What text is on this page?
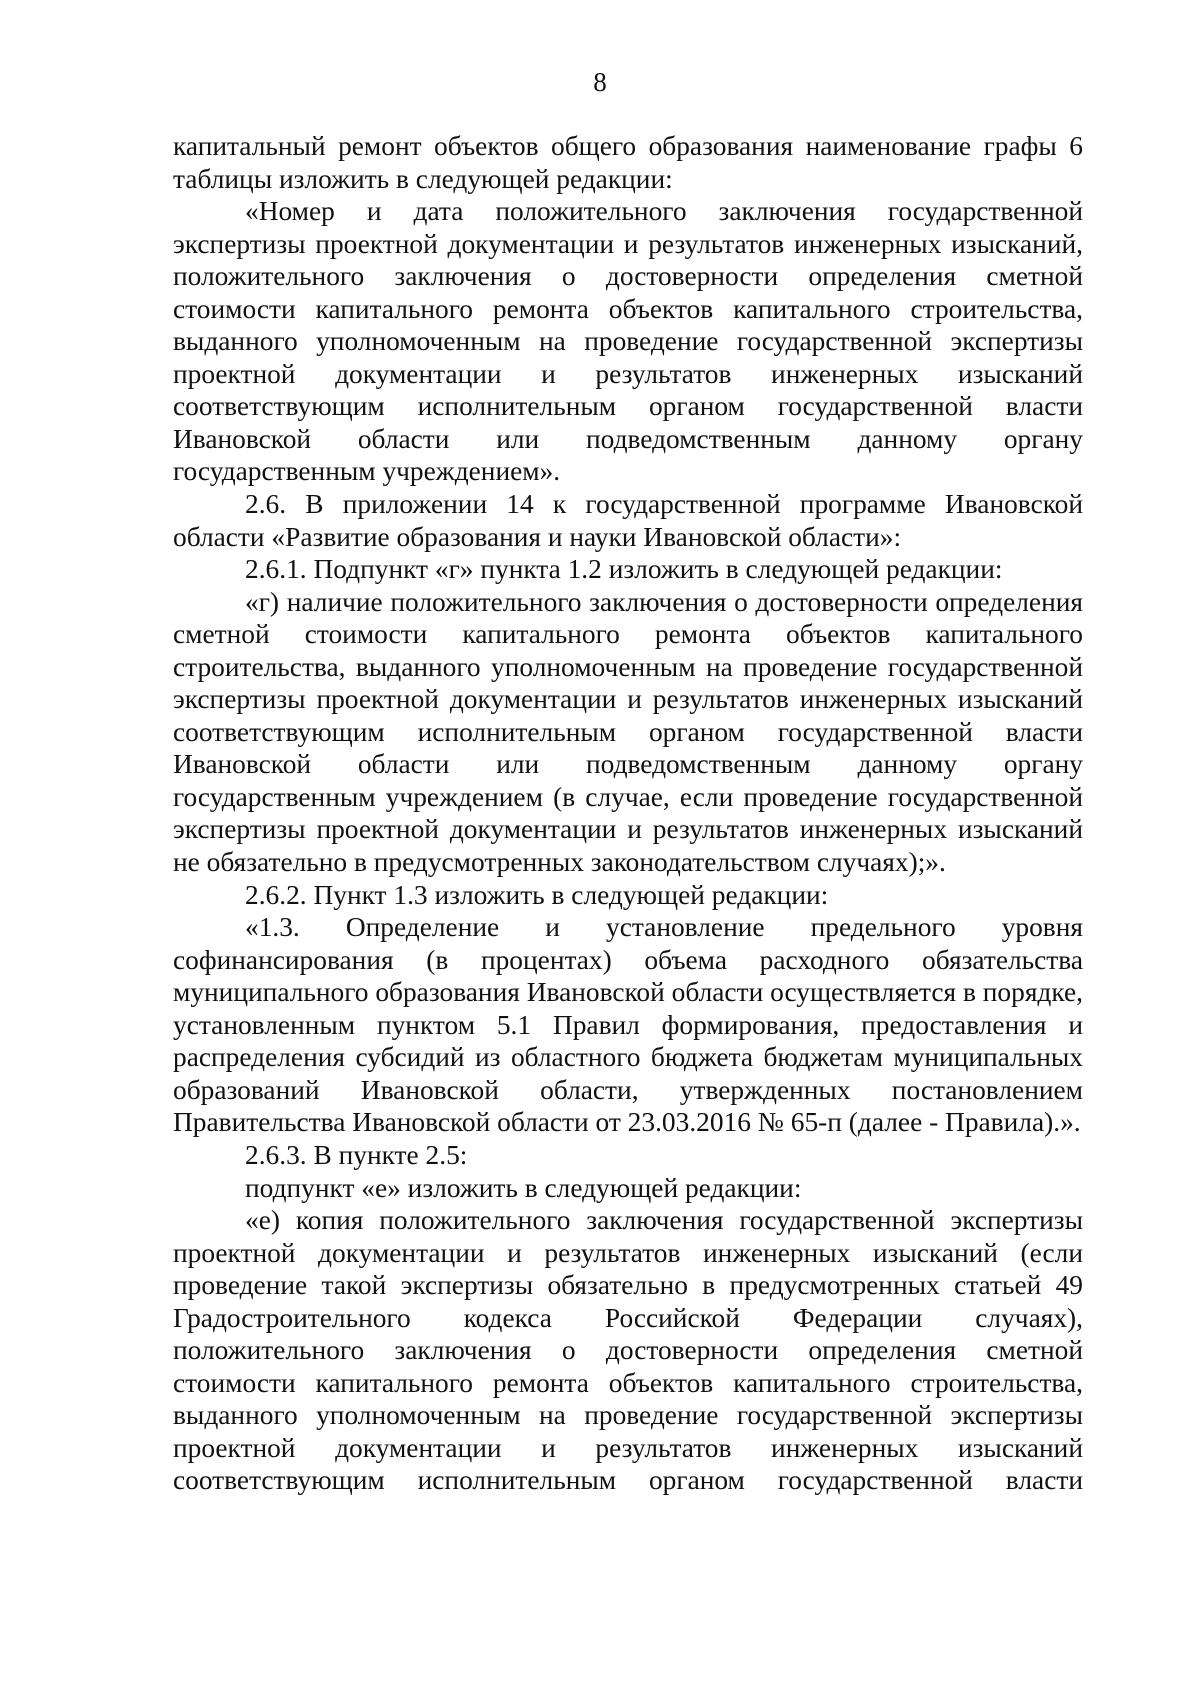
8

капитальный ремонт объектов общего образования наименование графы 6 таблицы изложить в следующей редакции:

«Номер и дата положительного заключения государственной экспертизы проектной документации и результатов инженерных изысканий, положительного заключения о достоверности определения сметной стоимости капитального ремонта объектов капитального строительства, выданного уполномоченным на проведение государственной экспертизы проектной документации и результатов инженерных изысканий соответствующим исполнительным органом государственной власти Ивановской области или подведомственным данному органу государственным учреждением».

2.6. В приложении 14 к государственной программе Ивановской области «Развитие образования и науки Ивановской области»:

2.6.1. Подпункт «г» пункта 1.2 изложить в следующей редакции:

«г) наличие положительного заключения о достоверности определения сметной стоимости капитального ремонта объектов капитального строительства, выданного уполномоченным на проведение государственной экспертизы проектной документации и результатов инженерных изысканий соответствующим исполнительным органом государственной власти Ивановской области или подведомственным данному органу государственным учреждением (в случае, если проведение государственной экспертизы проектной документации и результатов инженерных изысканий не обязательно в предусмотренных законодательством случаях);».

2.6.2. Пункт 1.3 изложить в следующей редакции:

«1.3. Определение и установление предельного уровня софинансирования (в процентах) объема расходного обязательства муниципального образования Ивановской области осуществляется в порядке, установленным пунктом 5.1 Правил формирования, предоставления и распределения субсидий из областного бюджета бюджетам муниципальных образований Ивановской области, утвержденных постановлением Правительства Ивановской области от 23.03.2016 № 65-п (далее - Правила).».

2.6.3. В пункте 2.5:

подпункт «е» изложить в следующей редакции:

«е) копия положительного заключения государственной экспертизы проектной документации и результатов инженерных изысканий (если проведение такой экспертизы обязательно в предусмотренных статьей 49 Градостроительного кодекса Российской Федерации случаях), положительного заключения о достоверности определения сметной стоимости капитального ремонта объектов капитального строительства, выданного уполномоченным на проведение государственной экспертизы проектной документации и результатов инженерных изысканий соответствующим исполнительным органом государственной власти
